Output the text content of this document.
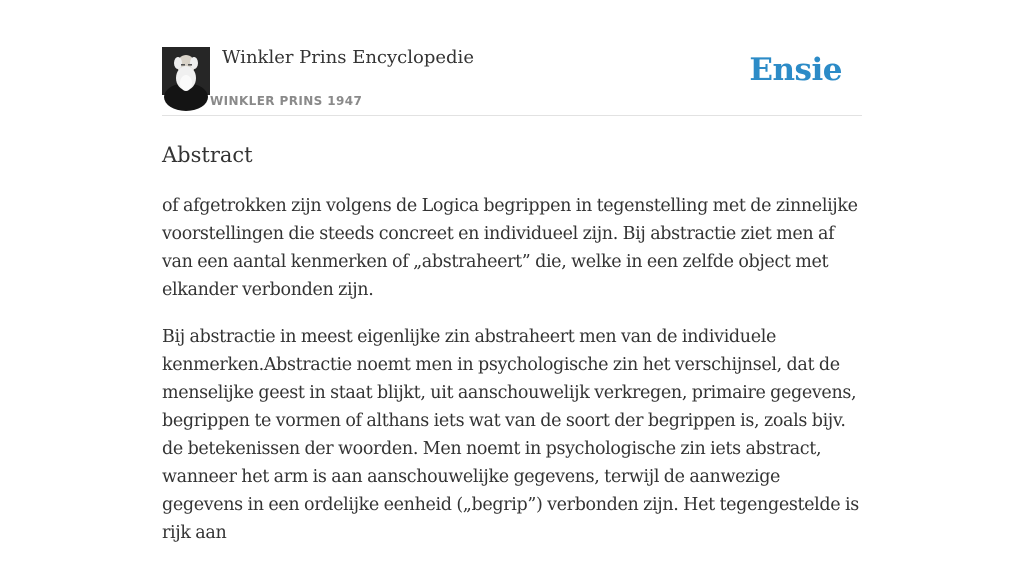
Winkler Prins Encyclopedie
WINKLER PRINS 1947
Ensie
Abstract

of afgetrokken zijn volgens de Logica begrippen in tegenstelling met de zinnelijke voorstellingen die steeds concreet en individueel zijn. Bij abstractie ziet men af van een aantal kenmerken of „abstraheert” die, welke in een zelfde object met elkander verbonden zijn.

Bij abstractie in meest eigenlijke zin abstraheert men van de individuele kenmerken.Abstractie noemt men in psychologische zin het verschijnsel, dat de menselijke geest in staat blijkt, uit aanschouwelijk verkregen, primaire gegevens, begrippen te vormen of althans iets wat van de soort der begrippen is, zoals bijv. de betekenissen der woorden. Men noemt in psychologische zin iets abstract, wanneer het arm is aan aanschouwelijke gegevens, terwijl de aanwezige gegevens in een ordelijke eenheid („begrip”) verbonden zijn. Het tegengestelde is rijk aan
